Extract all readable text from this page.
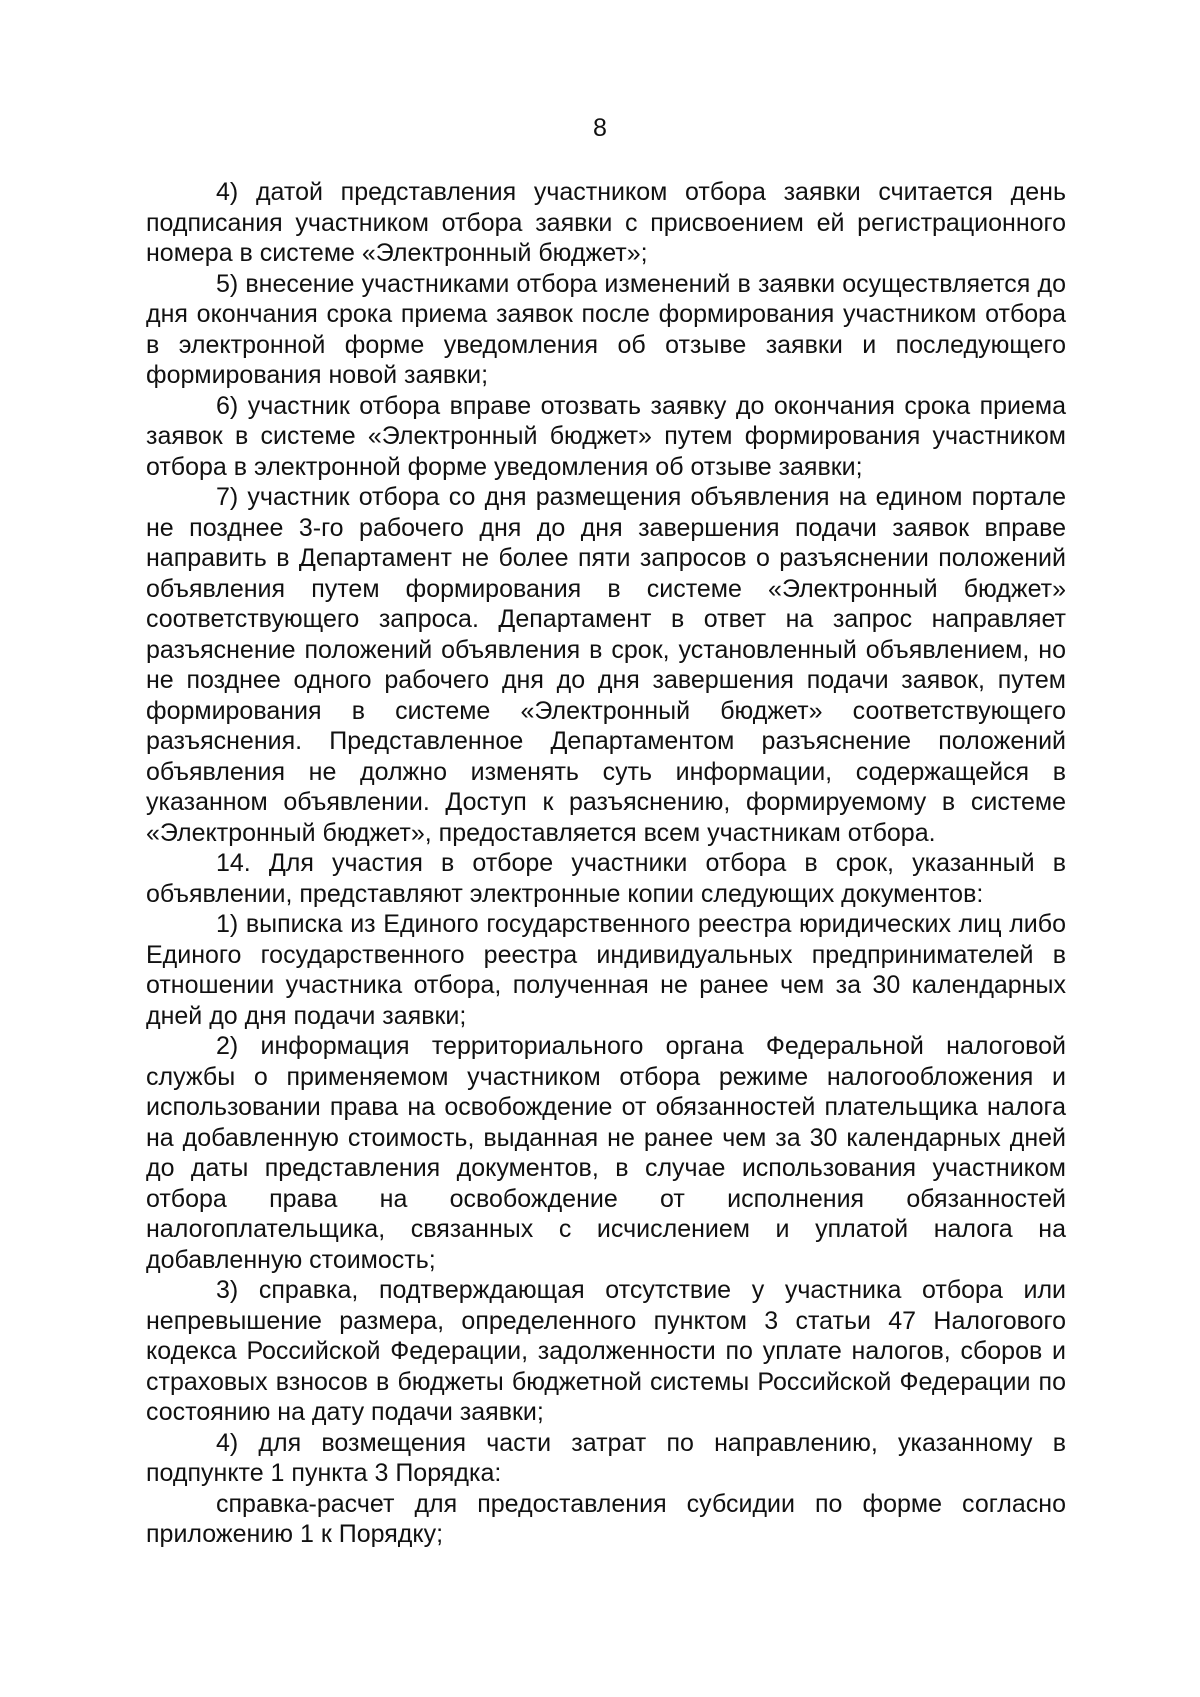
8

4) датой представления участником отбора заявки считается день подписания участником отбора заявки с присвоением ей регистрационного номера в системе «Электронный бюджет»;

5) внесение участниками отбора изменений в заявки осуществляется до дня окончания срока приема заявок после формирования участником отбора в электронной форме уведомления об отзыве заявки и последующего формирования новой заявки;

6) участник отбора вправе отозвать заявку до окончания срока приема заявок в системе «Электронный бюджет» путем формирования участником отбора в электронной форме уведомления об отзыве заявки;

7) участник отбора со дня размещения объявления на едином портале не позднее 3-го рабочего дня до дня завершения подачи заявок вправе направить в Департамент не более пяти запросов о разъяснении положений объявления путем формирования в системе «Электронный бюджет» соответствующего запроса. Департамент в ответ на запрос направляет разъяснение положений объявления в срок, установленный объявлением, но не позднее одного рабочего дня до дня завершения подачи заявок, путем формирования в системе «Электронный бюджет» соответствующего разъяснения. Представленное Департаментом разъяснение положений объявления не должно изменять суть информации, содержащейся в указанном объявлении. Доступ к разъяснению, формируемому в системе «Электронный бюджет», предоставляется всем участникам отбора.

14. Для участия в отборе участники отбора в срок, указанный в объявлении, представляют электронные копии следующих документов:

1) выписка из Единого государственного реестра юридических лиц либо Единого государственного реестра индивидуальных предпринимателей в отношении участника отбора, полученная не ранее чем за 30 календарных дней до дня подачи заявки;

2) информация территориального органа Федеральной налоговой службы о применяемом участником отбора режиме налогообложения и использовании права на освобождение от обязанностей плательщика налога на добавленную стоимость, выданная не ранее чем за 30 календарных дней до даты представления документов, в случае использования участником отбора права на освобождение от исполнения обязанностей налогоплательщика, связанных с исчислением и уплатой налога на добавленную стоимость;

3) справка, подтверждающая отсутствие у участника отбора или непревышение размера, определенного пунктом 3 статьи 47 Налогового кодекса Российской Федерации, задолженности по уплате налогов, сборов и страховых взносов в бюджеты бюджетной системы Российской Федерации по состоянию на дату подачи заявки;

4) для возмещения части затрат по направлению, указанному в подпункте 1 пункта 3 Порядка:

справка-расчет для предоставления субсидии по форме согласно приложению 1 к Порядку;
